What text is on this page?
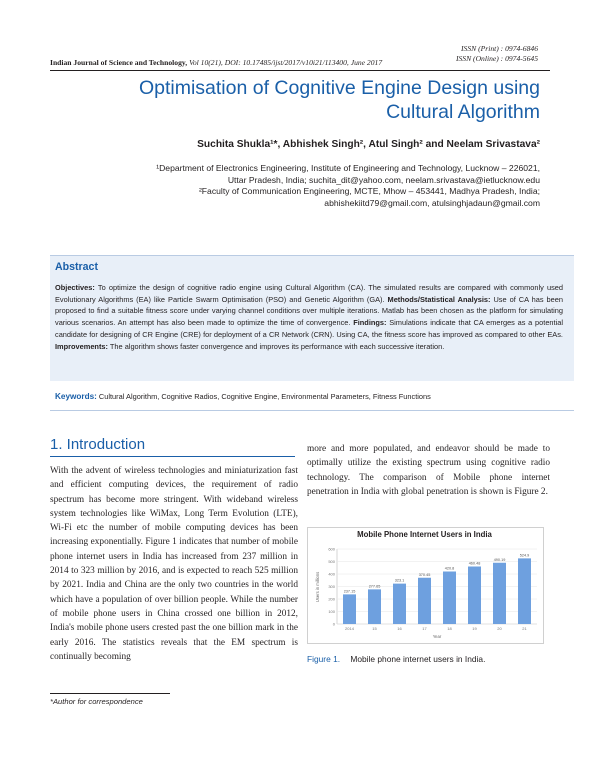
ISSN (Print) : 0974-6846
ISSN (Online) : 0974-5645
Indian Journal of Science and Technology, Vol 10(21), DOI: 10.17485/ijst/2017/v10i21/113400, June 2017
Optimisation of Cognitive Engine Design using
Cultural Algorithm
Suchita Shukla¹*, Abhishek Singh², Atul Singh² and Neelam Srivastava²
¹Department of Electronics Engineering, Institute of Engineering and Technology, Lucknow – 226021,
Uttar Pradesh, India; suchita_dit@yahoo.com, neelam.srivastava@ietlucknow.edu
²Faculty of Communication Engineering, MCTE, Mhow – 453441, Madhya Pradesh, India;
abhishekiitd79@gmail.com, atulsinghjadaun@gmail.com
Abstract
Objectives: To optimize the design of cognitive radio engine using Cultural Algorithm (CA). The simulated results are compared with commonly used Evolutionary Algorithms (EA) like Particle Swarm Optimisation (PSO) and Genetic Algorithm (GA). Methods/Statistical Analysis: Use of CA has been proposed to find a suitable fitness score under varying channel conditions over multiple iterations. Matlab has been chosen as the platform for simulating various scenarios. An attempt has also been made to optimize the time of convergence. Findings: Simulations indicate that CA emerges as a potential candidate for designing of CR Engine (CRE) for deployment of a CR Network (CRN). Using CA, the fitness score has improved as compared to other EAs. Improvements: The algorithm shows faster convergence and improves its performance with each successive iteration.
Keywords: Cultural Algorithm, Cognitive Radios, Cognitive Engine, Environmental Parameters, Fitness Functions
1. Introduction
With the advent of wireless technologies and miniaturization fast and efficient computing devices, the requirement of radio spectrum has become more stringent. With wideband wireless system technologies like WiMax, Long Term Evolution (LTE), Wi-Fi etc the number of mobile computing devices has been increasing exponentially. Figure 1 indicates that number of mobile phone internet users in India has increased from 237 million in 2014 to 323 million by 2016, and is expected to reach 525 million by 2021. India and China are the only two countries in the world which have a population of over billion people. While the number of mobile phone users in China crossed one billion in 2012, India's mobile phone users crested past the one billion mark in the early 2016. The statistics reveals that the EM spectrum is continually becoming
more and more populated, and endeavor should be made to optimally utilize the existing spectrum using cognitive radio technology. The comparison of Mobile phone internet penetration in India with global penetration is shown is Figure 2.
Mobile Phone Internet Users in India
0
100
200
300
400
500
600
237.15
2014
277.65
15
323.1
16
370.45
17
420.8
18
460.48
19
490.19
20
524.9
21
Users in millions
Year
Figure 1. Mobile phone internet users in India.
*Author for correspondence
